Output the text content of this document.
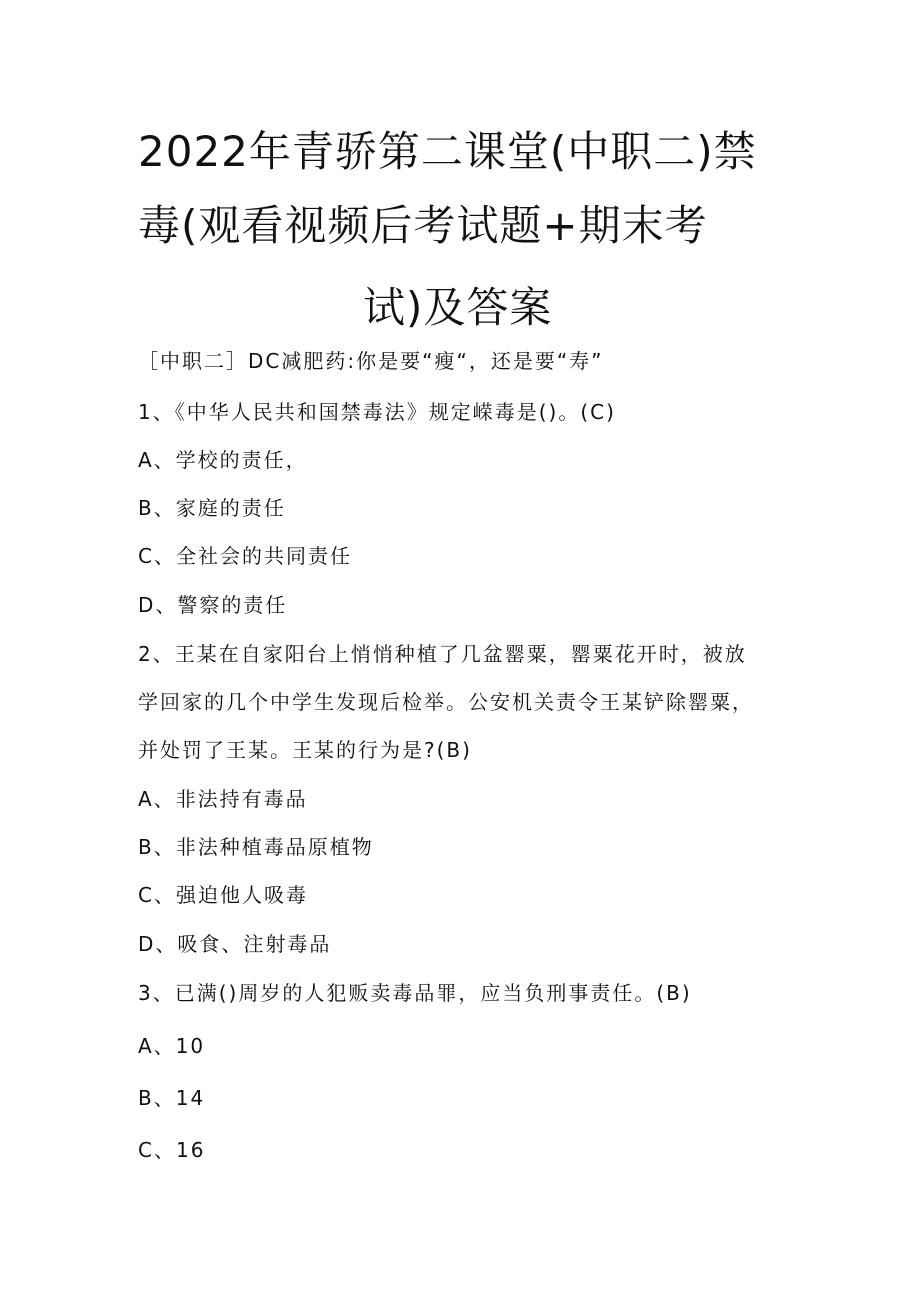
2022年青骄第二课堂(中职二)禁
毒(观看视频后考试题+期末考
试)及答案
［中职二］DC减肥药:你是要“瘦“，还是要“寿”
1、《中华人民共和国禁毒法》规定嵘毒是()。(C)
A、学校的责任，
B、家庭的责任
C、全社会的共同责任
D、警察的责任
2、王某在自家阳台上悄悄种植了几盆罂粟，罂粟花开时，被放
学回家的几个中学生发现后检举。公安机关责令王某铲除罂粟，
并处罚了王某。王某的行为是?(B)
A、非法持有毒品
B、非法种植毒品原植物
C、强迫他人吸毒
D、吸食、注射毒品
3、已满()周岁的人犯贩卖毒品罪，应当负刑事责任。(B)
A、10
B、14
C、16
